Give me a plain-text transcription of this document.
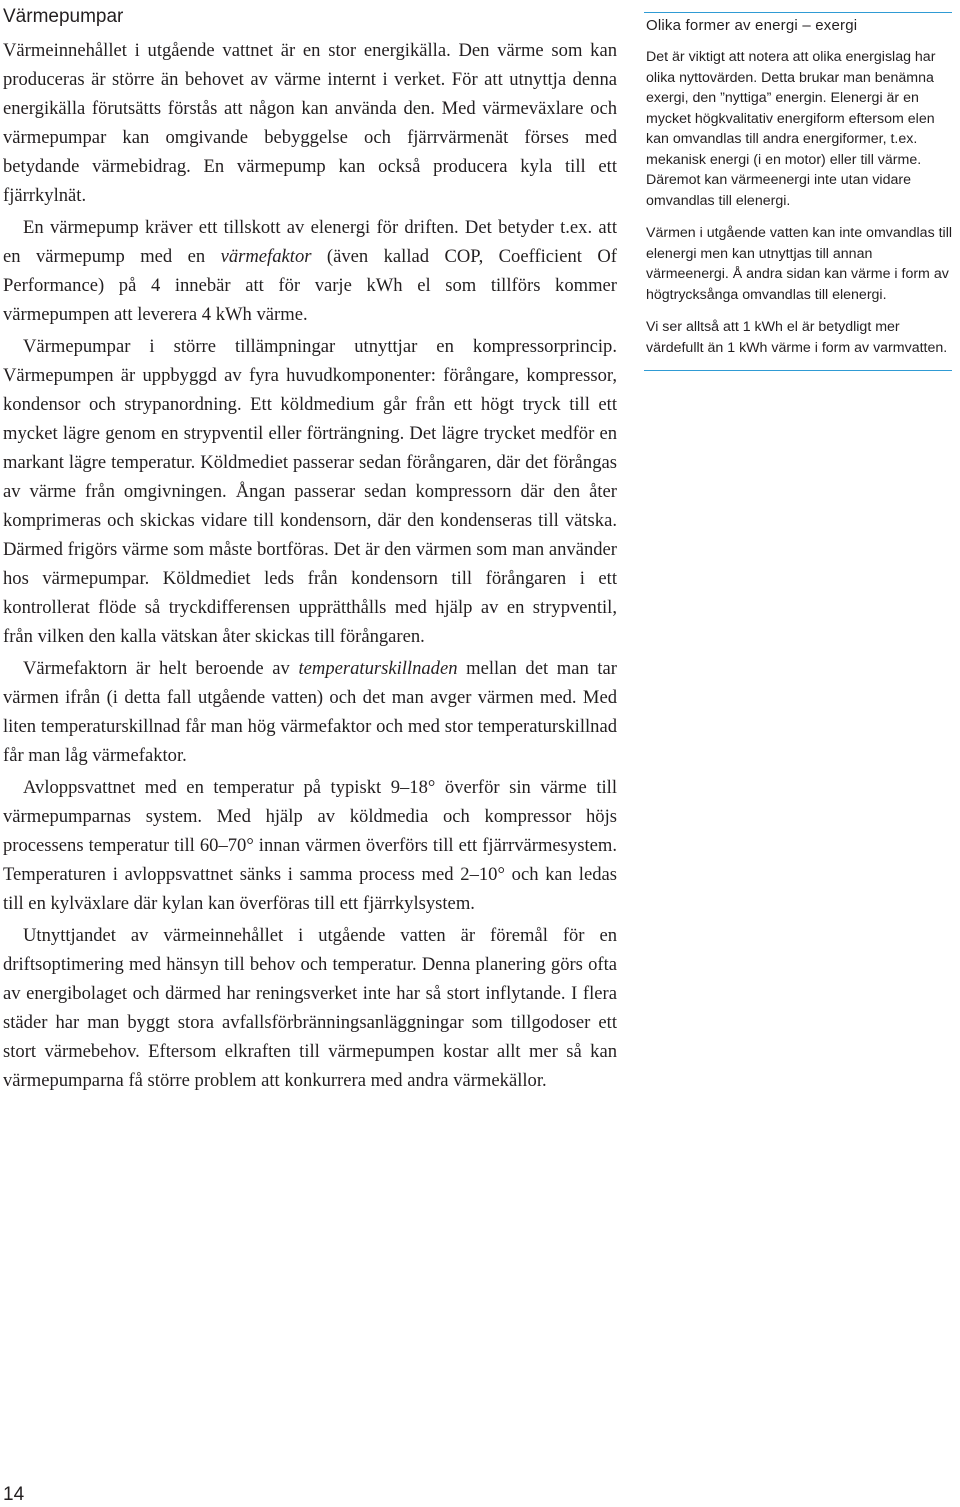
Värmepumpar

Värmeinnehållet i utgående vattnet är en stor energikälla. Den värme som kan produceras är större än behovet av värme internt i verket. För att utnyttja denna energikälla förutsätts förstås att någon kan använda den. Med värmeväxlare och värmepumpar kan omgivande bebyggelse och fjärrvärmenät förses med betydande värmebidrag. En värmepump kan också producera kyla till ett fjärrkylnät.

En värmepump kräver ett tillskott av elenergi för driften. Det betyder t.ex. att en värmepump med en värmefaktor (även kallad COP, Coefficient Of Performance) på 4 innebär att för varje kWh el som tillförs kommer värmepumpen att leverera 4 kWh värme.

Värmepumpar i större tillämpningar utnyttjar en kompressorprincip. Värmepumpen är uppbyggd av fyra huvudkomponenter: förångare, kompressor, kondensor och strypanordning. Ett köldmedium går från ett högt tryck till ett mycket lägre genom en strypventil eller förträngning. Det lägre trycket medför en markant lägre temperatur. Köldmediet passerar sedan förångaren, där det förångas av värme från omgivningen. Ångan passerar sedan kompressorn där den åter komprimeras och skickas vidare till kondensorn, där den kondenseras till vätska. Därmed frigörs värme som måste bortföras. Det är den värmen som man använder hos värmepumpar. Köldmediet leds från kondensorn till förångaren i ett kontrollerat flöde så tryckdifferensen upprätthålls med hjälp av en strypventil, från vilken den kalla vätskan åter skickas till förångaren.

Värmefaktorn är helt beroende av temperaturskillnaden mellan det man tar värmen ifrån (i detta fall utgående vatten) och det man avger värmen med. Med liten temperaturskillnad får man hög värmefaktor och med stor temperaturskillnad får man låg värmefaktor.

Avloppsvattnet med en temperatur på typiskt 9–18° överför sin värme till värmepumparnas system. Med hjälp av köldmedia och kompressor höjs processens temperatur till 60–70° innan värmen överförs till ett fjärrvärmesystem. Temperaturen i avloppsvattnet sänks i samma process med 2–10° och kan ledas till en kylväxlare där kylan kan överföras till ett fjärrkylsystem.

Utnyttjandet av värmeinnehållet i utgående vatten är föremål för en driftsoptimering med hänsyn till behov och temperatur. Denna planering görs ofta av energibolaget och därmed har reningsverket inte har så stort inflytande. I flera städer har man byggt stora avfallsförbränningsanläggningar som tillgodoser ett stort värmebehov. Eftersom elkraften till värmepumpen kostar allt mer så kan värmepumparna få större problem att konkurrera med andra värmekällor.

Olika former av energi – exergi

Det är viktigt att notera att olika energislag har olika nyttovärden. Detta brukar man benämna exergi, den ”nyttiga” energin. Elenergi är en mycket högkvalitativ energiform eftersom elen kan omvandlas till andra energiformer, t.ex. mekanisk energi (i en motor) eller till värme. Däremot kan värmeenergi inte utan vidare omvandlas till elenergi.

Värmen i utgående vatten kan inte omvandlas till elenergi men kan utnyttjas till annan värmeenergi. Å andra sidan kan värme i form av högtrycksånga omvandlas till elenergi.

Vi ser alltså att 1 kWh el är betydligt mer värdefullt än 1 kWh värme i form av varmvatten.

14
